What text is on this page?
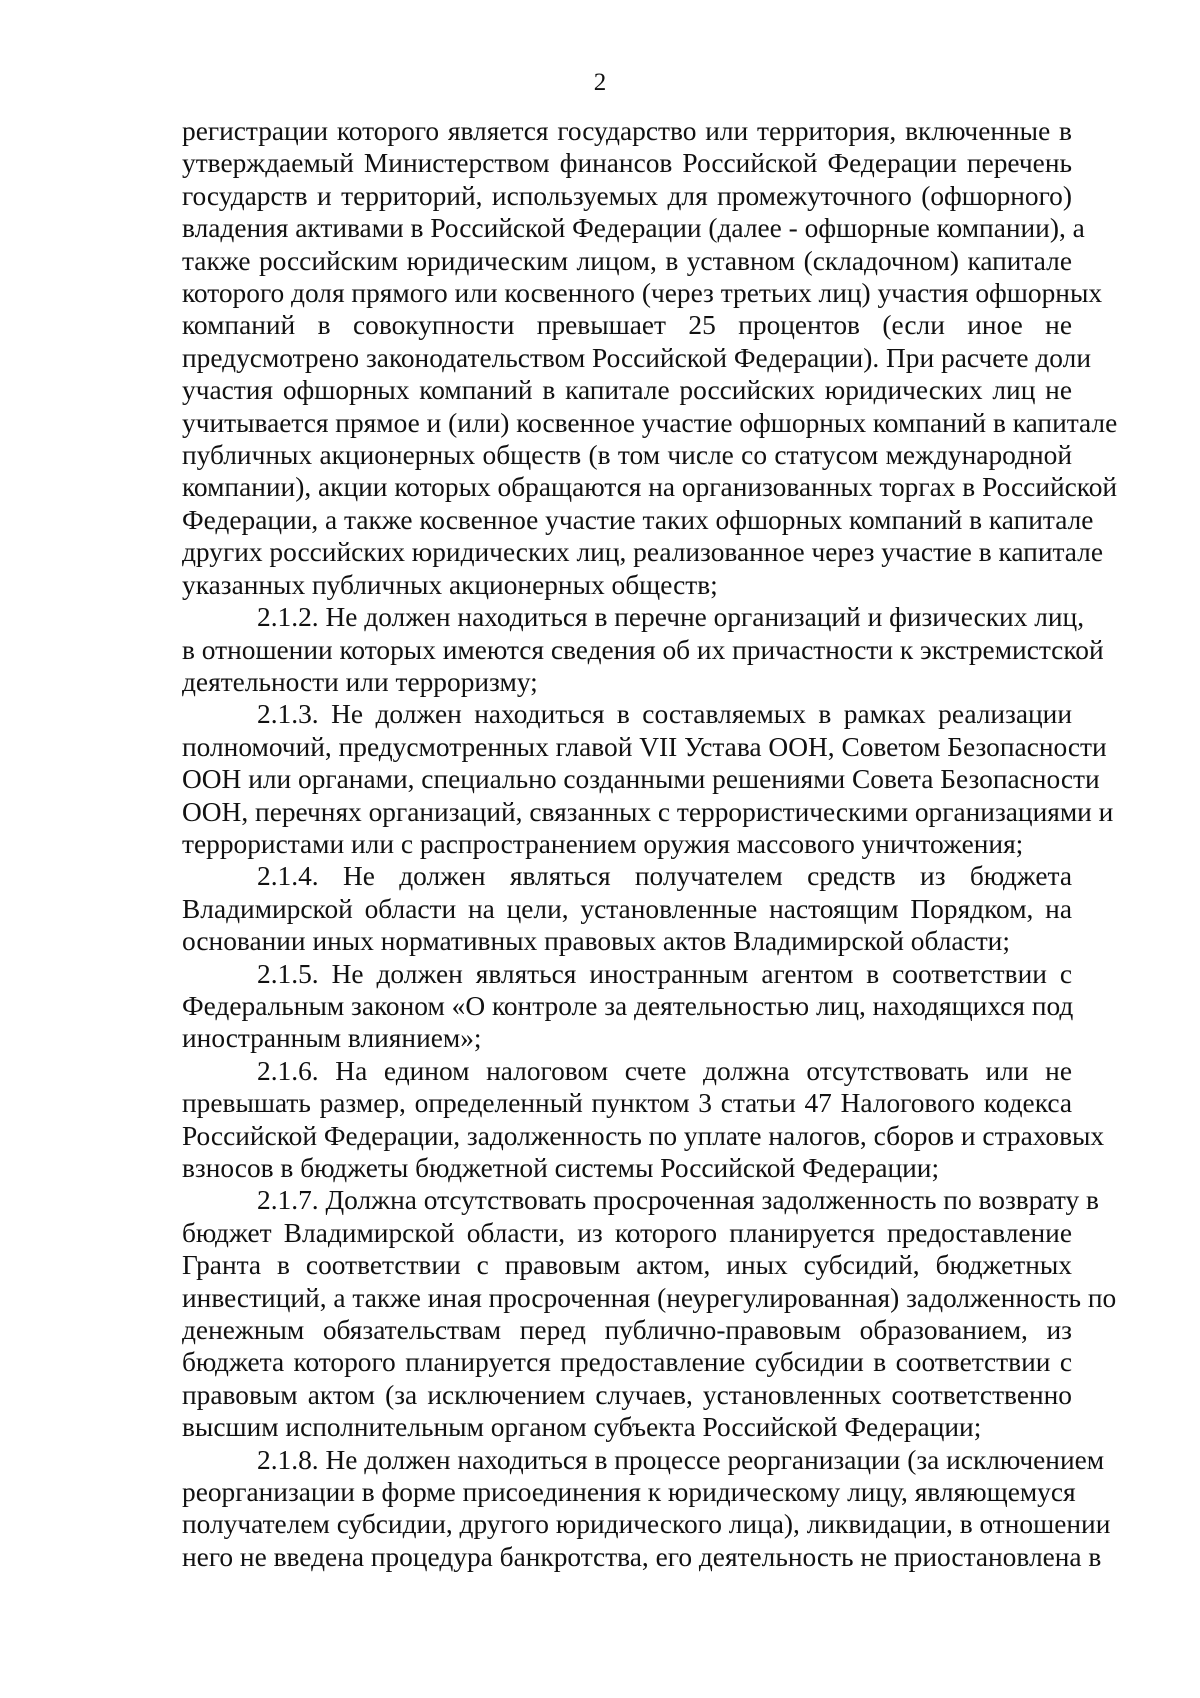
2
регистрации которого является государство или территория, включенные в
утверждаемый Министерством финансов Российской Федерации перечень
государств и территорий, используемых для промежуточного (офшорного)
владения активами в Российской Федерации (далее - офшорные компании), а
также российским юридическим лицом, в уставном (складочном) капитале
которого доля прямого или косвенного (через третьих лиц) участия офшорных
компаний в совокупности превышает 25 процентов (если иное не
предусмотрено законодательством Российской Федерации). При расчете доли
участия офшорных компаний в капитале российских юридических лиц не
учитывается прямое и (или) косвенное участие офшорных компаний в капитале
публичных акционерных обществ (в том числе со статусом международной
компании), акции которых обращаются на организованных торгах в Российской
Федерации, а также косвенное участие таких офшорных компаний в капитале
других российских юридических лиц, реализованное через участие в капитале
указанных публичных акционерных обществ;
2.1.2. Не должен находиться в перечне организаций и физических лиц,
в отношении которых имеются сведения об их причастности к экстремистской
деятельности или терроризму;
2.1.3. Не должен находиться в составляемых в рамках реализации
полномочий, предусмотренных главой VII Устава ООН, Советом Безопасности
ООН или органами, специально созданными решениями Совета Безопасности
ООН, перечнях организаций, связанных с террористическими организациями и
террористами или с распространением оружия массового уничтожения;
2.1.4. Не должен являться получателем средств из бюджета
Владимирской области на цели, установленные настоящим Порядком, на
основании иных нормативных правовых актов Владимирской области;
2.1.5. Не должен являться иностранным агентом в соответствии с
Федеральным законом «О контроле за деятельностью лиц, находящихся под
иностранным влиянием»;
2.1.6. На едином налоговом счете должна отсутствовать или не
превышать размер, определенный пунктом 3 статьи 47 Налогового кодекса
Российской Федерации, задолженность по уплате налогов, сборов и страховых
взносов в бюджеты бюджетной системы Российской Федерации;
2.1.7. Должна отсутствовать просроченная задолженность по возврату в
бюджет Владимирской области, из которого планируется предоставление
Гранта в соответствии с правовым актом, иных субсидий, бюджетных
инвестиций, а также иная просроченная (неурегулированная) задолженность по
денежным обязательствам перед публично-правовым образованием, из
бюджета которого планируется предоставление субсидии в соответствии с
правовым актом (за исключением случаев, установленных соответственно
высшим исполнительным органом субъекта Российской Федерации;
2.1.8. Не должен находиться в процессе реорганизации (за исключением
реорганизации в форме присоединения к юридическому лицу, являющемуся
получателем субсидии, другого юридического лица), ликвидации, в отношении
него не введена процедура банкротства, его деятельность не приостановлена в
